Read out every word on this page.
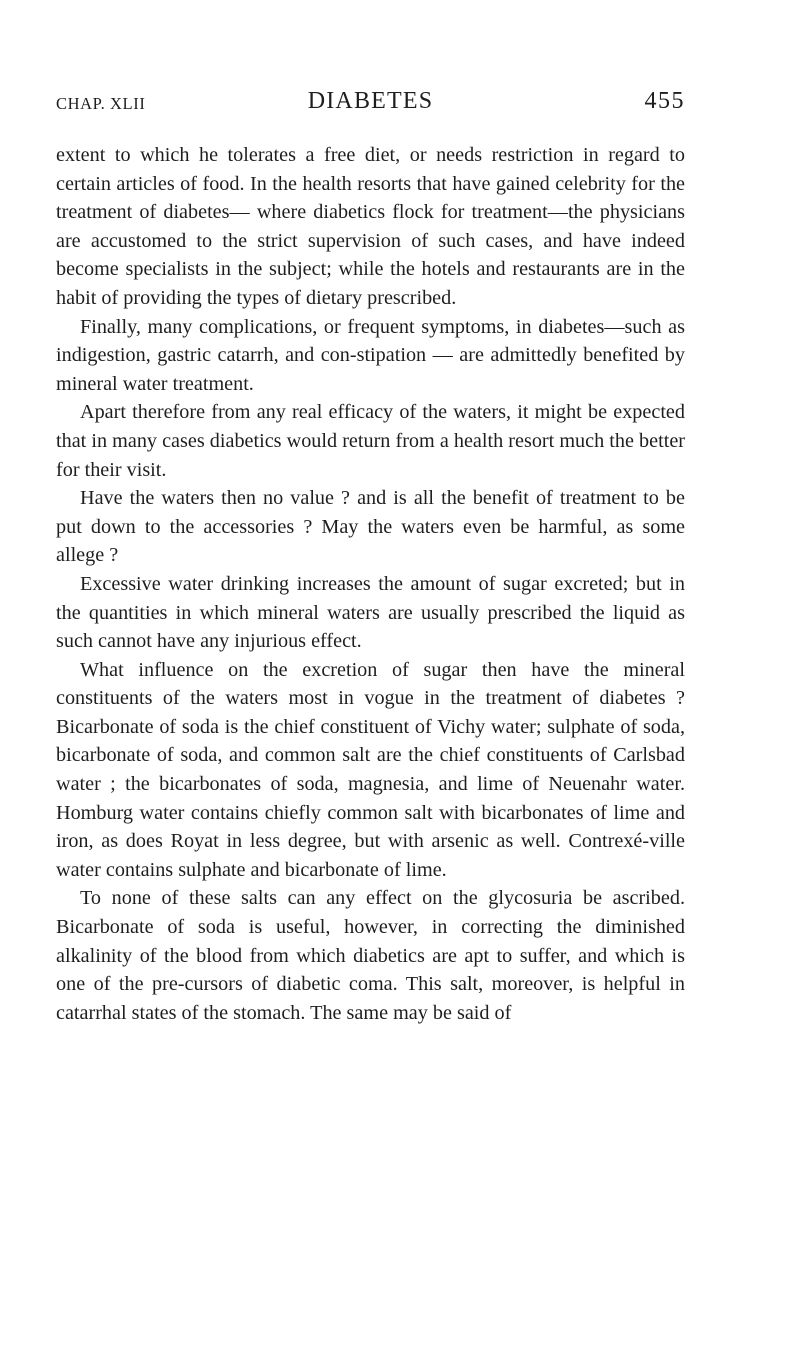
CHAP. XLII	DIABETES	455

extent to which he tolerates a free diet, or needs restriction in regard to certain articles of food. In the health resorts that have gained celebrity for the treatment of diabetes— where diabetics flock for treatment—the physicians are accustomed to the strict supervision of such cases, and have indeed become specialists in the subject; while the hotels and restaurants are in the habit of providing the types of dietary prescribed.

Finally, many complications, or frequent symptoms, in diabetes—such as indigestion, gastric catarrh, and con-stipation — are admittedly benefited by mineral water treatment.

Apart therefore from any real efficacy of the waters, it might be expected that in many cases diabetics would return from a health resort much the better for their visit.

Have the waters then no value ? and is all the benefit of treatment to be put down to the accessories ? May the waters even be harmful, as some allege ?

Excessive water drinking increases the amount of sugar excreted; but in the quantities in which mineral waters are usually prescribed the liquid as such cannot have any injurious effect.

What influence on the excretion of sugar then have the mineral constituents of the waters most in vogue in the treatment of diabetes ? Bicarbonate of soda is the chief constituent of Vichy water; sulphate of soda, bicarbonate of soda, and common salt are the chief constituents of Carlsbad water ; the bicarbonates of soda, magnesia, and lime of Neuenahr water. Homburg water contains chiefly common salt with bicarbonates of lime and iron, as does Royat in less degree, but with arsenic as well. Contrexé-ville water contains sulphate and bicarbonate of lime.

To none of these salts can any effect on the glycosuria be ascribed. Bicarbonate of soda is useful, however, in correcting the diminished alkalinity of the blood from which diabetics are apt to suffer, and which is one of the pre-cursors of diabetic coma. This salt, moreover, is helpful in catarrhal states of the stomach. The same may be said of
